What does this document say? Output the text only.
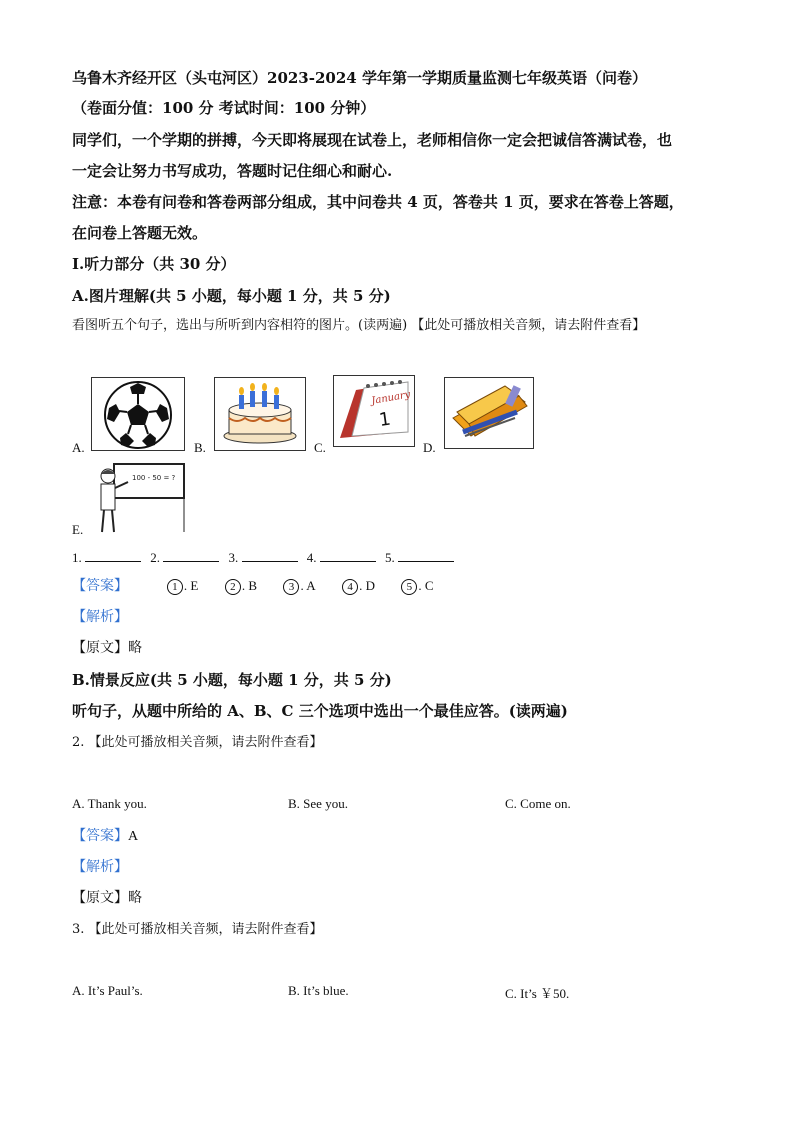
乌鲁木齐经开区（头屯河区）2023-2024 学年第一学期质量监测七年级英语（问卷）
（卷面分值：100 分 考试时间：100 分钟）
同学们，一个学期的拼搏，今天即将展现在试卷上，老师相信你一定会把诚信答满试卷，也
一定会让努力书写成功，答题时记住细心和耐心.
注意：本卷有问卷和答卷两部分组成，其中问卷共 4 页，答卷共 1 页，要求在答卷上答题，
在问卷上答题无效。
I.听力部分（共 30 分）
A.图片理解(共 5 小题，每小题 1 分，共 5 分)
看图听五个句子，选出与所听到内容相符的图片。(读两遍) 【此处可播放相关音频，请去附件查看】
A.	B.	C.
January
1
D.
E.
100 - 50 = ?
1.	2.	3.	4.	5.
【答案】	1 . E	2 . B	3 . A	4 . D	5 . C
【解析】
【原文】略
B.情景反应(共 5 小题，每小题 1 分，共 5 分)
听句子，从题中所给的 A、B、C 三个选项中选出一个最佳应答。(读两遍)
2. 【此处可播放相关音频，请去附件查看】
A. Thank you.	B. See you.	C. Come on.
【答案】A
【解析】
【原文】略
3. 【此处可播放相关音频，请去附件查看】
A. It’s Paul’s.	B. It’s blue.	C. It’s ￥50.
